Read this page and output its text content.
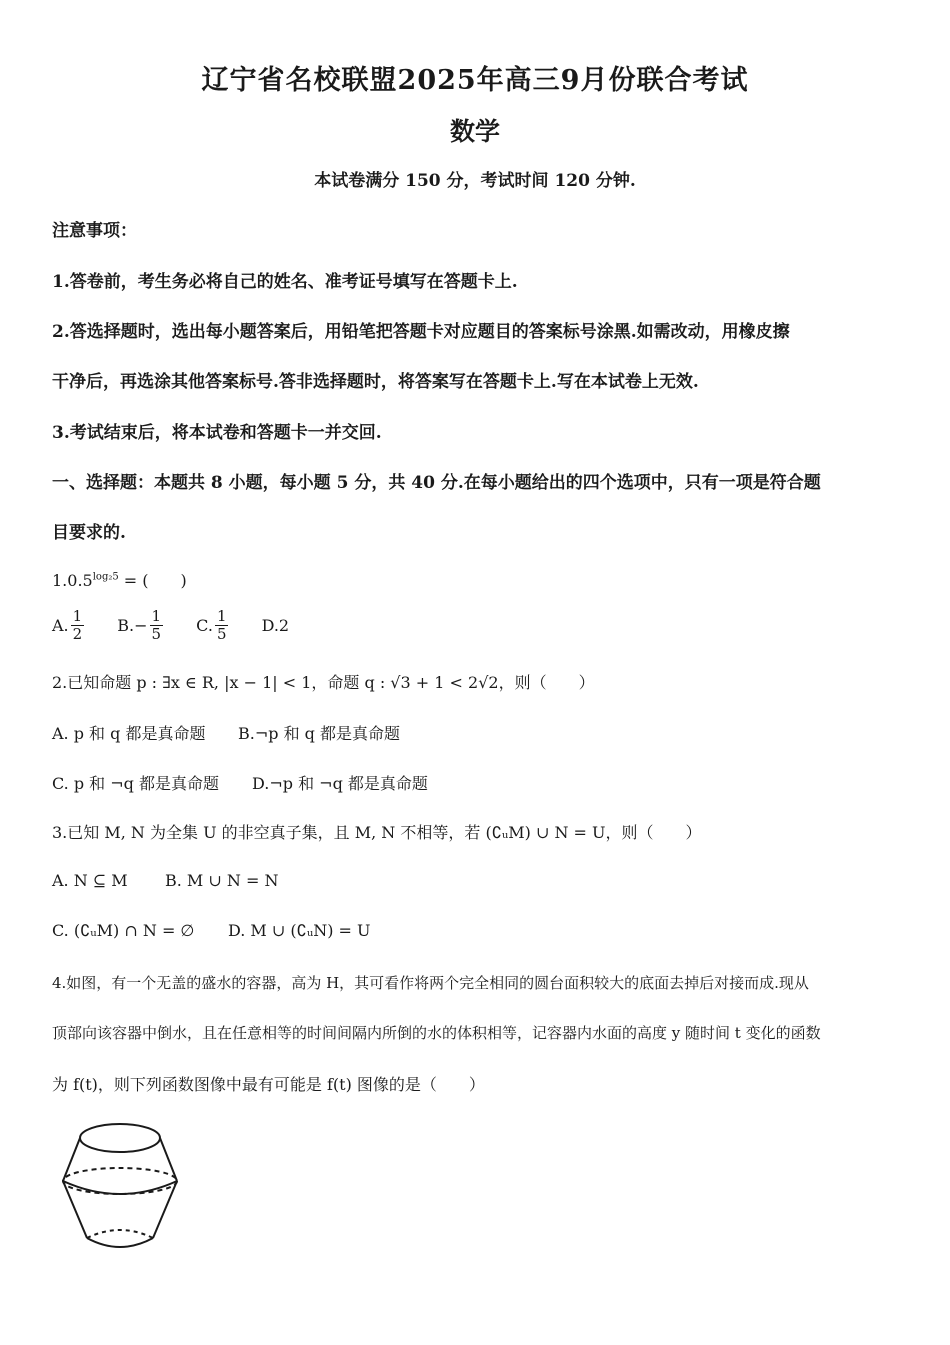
辽宁省名校联盟2025年高三9月份联合考试
数学
本试卷满分 150 分，考试时间 120 分钟.
注意事项：
1.答卷前，考生务必将自己的姓名、准考证号填写在答题卡上.
2.答选择题时，选出每小题答案后，用铅笔把答题卡对应题目的答案标号涂黑.如需改动，用橡皮擦
干净后，再选涂其他答案标号.答非选择题时，将答案写在答题卡上.写在本试卷上无效.
3.考试结束后，将本试卷和答题卡一并交回.
一、选择题：本题共 8 小题，每小题 5 分，共 40 分.在每小题给出的四个选项中，只有一项是符合题
目要求的.
$1.0.5^{log_25}$ = (　　)
A. $\frac{1}{2}$
$B.- \frac{1}{5}$
C. $\frac{1}{5} D.2$
2.已知命题 p : ∃x ∈ R, |x − 1| < 1，命题 q : √3 + 1 < 2√2，则（　　）
A. p 和 q 都是真命题 B.¬p 和 q 都是真命题
C. p 和 ¬q 都是真命题 D.¬p 和 ¬q 都是真命题
3.已知 M, N 为全集 U 的非空真子集，且 M, N 不相等，若 (∁ᵤM) ∪ N = U，则（　　）
A. N ⊆ M B. M ∪ N = N
C. (∁ᵤM) ∩ N = ∅ D. M ∪ (∁ᵤN) = U
4.如图，有一个无盖的盛水的容器，高为 H，其可看作将两个完全相同的圆台面积较大的底面去掉后对接而成.现从
顶部向该容器中倒水，且在任意相等的时间间隔内所倒的水的体积相等，记容器内水面的高度 y 随时间 t 变化的函数
为 f(t)，则下列函数图像中最有可能是 f(t) 图像的是（　　）
